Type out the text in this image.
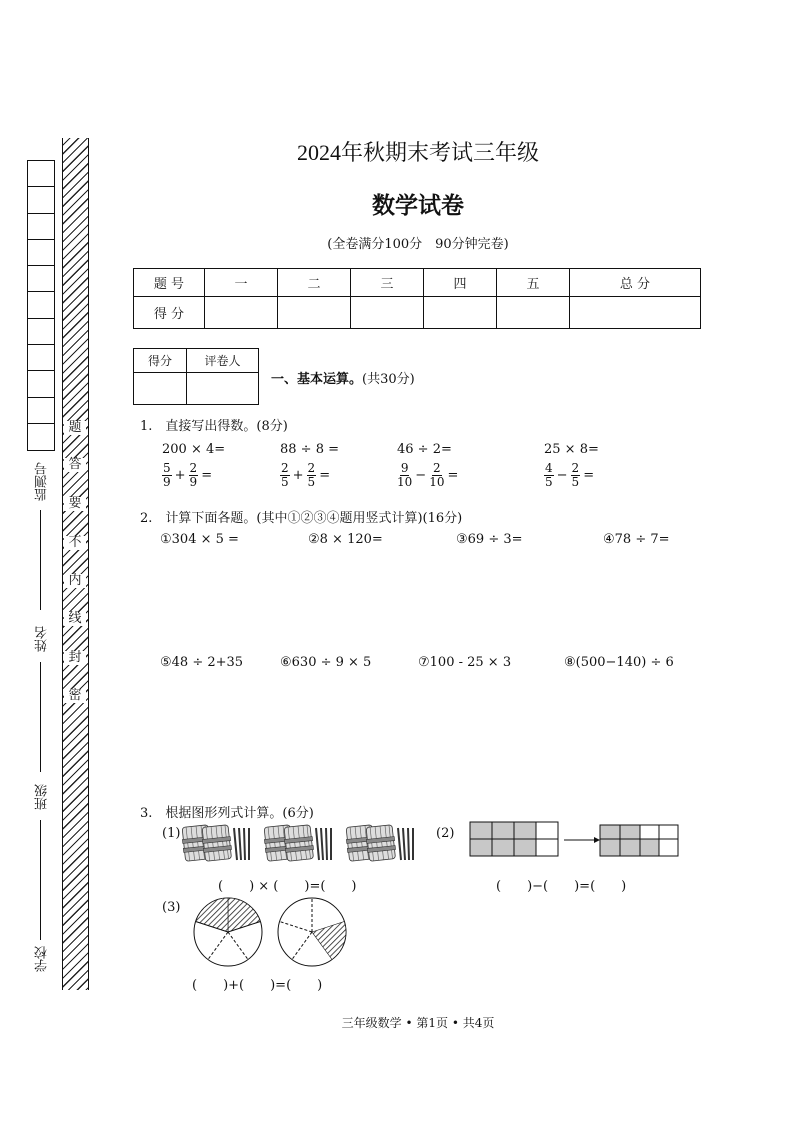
监测号
姓名
班级
学校
题
答
要
不
内
线
封
密
2024年秋期末考试三年级
数学试卷
(全卷满分100分　90分钟完卷)
题 号	一	二	三	四	五	总 分
得 分						
得分	评卷人

一、基本运算。(共30分)
1.　直接写出得数。(8分)
200 × 4=	88 ÷ 8 =	46 ÷ 2=	25 × 8=
$\frac{5}{9} + \frac{2}{9}$ =	$\frac{2}{5} + \frac{2}{5}$ =	$\frac{9}{10} - \frac{2}{10}$ =	$\frac{4}{5} - \frac{2}{5}$ =
2.　计算下面各题。(其中①②③④题用竖式计算)(16分)
①304 × 5 =	②8 × 120=	③69 ÷ 3=	④78 ÷ 7=
⑤48 ÷ 2+35	⑥630 ÷ 9 × 5	⑦100 - 25 × 3	⑧(500−140) ÷ 6
3.　根据图形列式计算。(6分)
(1)
(　　) × (　　)=(　　)
(2)
(　　)−(　　)=(　　)
(3)
(　　)+(　　)=(　　)
三年级数学 • 第1页 • 共4页
